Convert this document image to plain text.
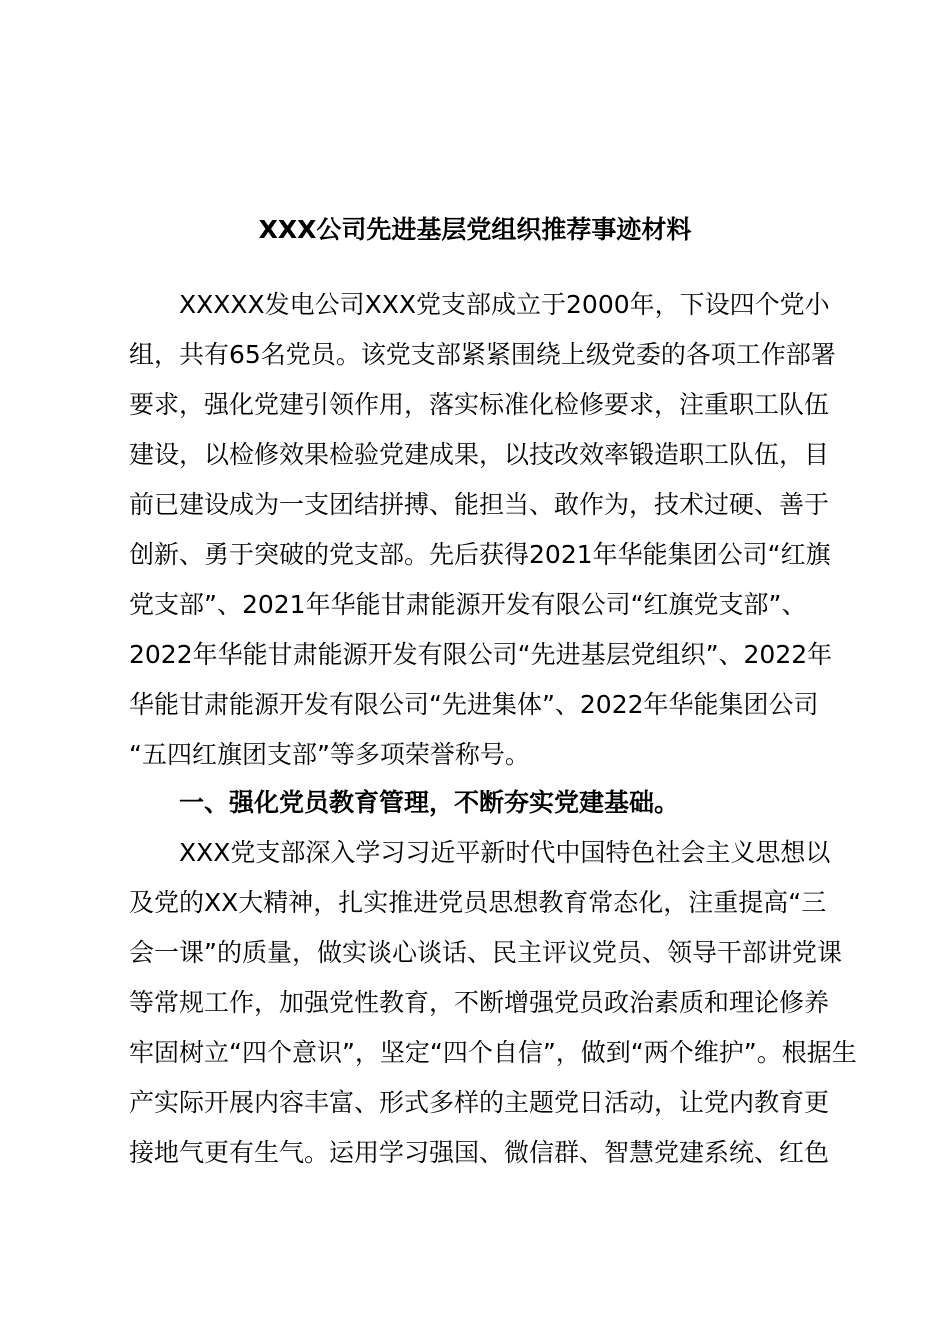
XXX公司先进基层党组织推荐事迹材料
XXXXX发电公司XXX党支部成立于2000年，下设四个党小
组，共有65名党员。该党支部紧紧围绕上级党委的各项工作部署
要求，强化党建引领作用，落实标准化检修要求，注重职工队伍
建设，以检修效果检验党建成果，以技改效率锻造职工队伍，目
前已建设成为一支团结拼搏、能担当、敢作为，技术过硬、善于
创新、勇于突破的党支部。先后获得2021年华能集团公司“红旗
党支部”、2021年华能甘肃能源开发有限公司“红旗党支部”、
2022年华能甘肃能源开发有限公司“先进基层党组织”、2022年
华能甘肃能源开发有限公司“先进集体”、2022年华能集团公司
“五四红旗团支部”等多项荣誉称号。
一、强化党员教育管理，不断夯实党建基础。
XXX党支部深入学习习近平新时代中国特色社会主义思想以
及党的XX大精神，扎实推进党员思想教育常态化，注重提高“三
会一课”的质量，做实谈心谈话、民主评议党员、领导干部讲党课
等常规工作，加强党性教育，不断增强党员政治素质和理论修养
牢固树立“四个意识”，坚定“四个自信”，做到“两个维护”。根据生
产实际开展内容丰富、形式多样的主题党日活动，让党内教育更
接地气更有生气。运用学习强国、微信群、智慧党建系统、红色
